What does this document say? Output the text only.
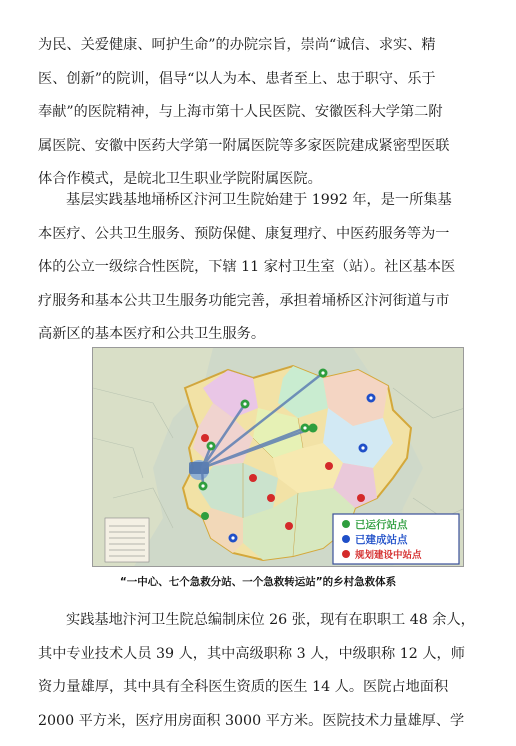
为民、关爱健康、呵护生命”的办院宗旨，崇尚“诚信、求实、精
医、创新”的院训，倡导“以人为本、患者至上、忠于职守、乐于
奉献”的医院精神，与上海市第十人民医院、安徽医科大学第二附
属医院、安徽中医药大学第一附属医院等多家医院建成紧密型医联
体合作模式，是皖北卫生职业学院附属医院。
基层实践基地埇桥区汴河卫生院始建于 1992 年，是一所集基
本医疗、公共卫生服务、预防保健、康复理疗、中医药服务等为一
体的公立一级综合性医院，下辖 11 家村卫生室（站）。社区基本医
疗服务和基本公共卫生服务功能完善，承担着埇桥区汴河街道与市
高新区的基本医疗和公共卫生服务。
已运行站点
已建成站点
规划建设中站点
“一中心、七个急救分站、一个急救转运站”的乡村急救体系
实践基地汴河卫生院总编制床位 26 张，现有在职职工 48 余人，
其中专业技术人员 39 人，其中高级职称 3 人，中级职称 12 人，师
资力量雄厚，其中具有全科医生资质的医生 14 人。医院占地面积
2000 平方米，医疗用房面积 3000 平方米。医院技术力量雄厚、学
